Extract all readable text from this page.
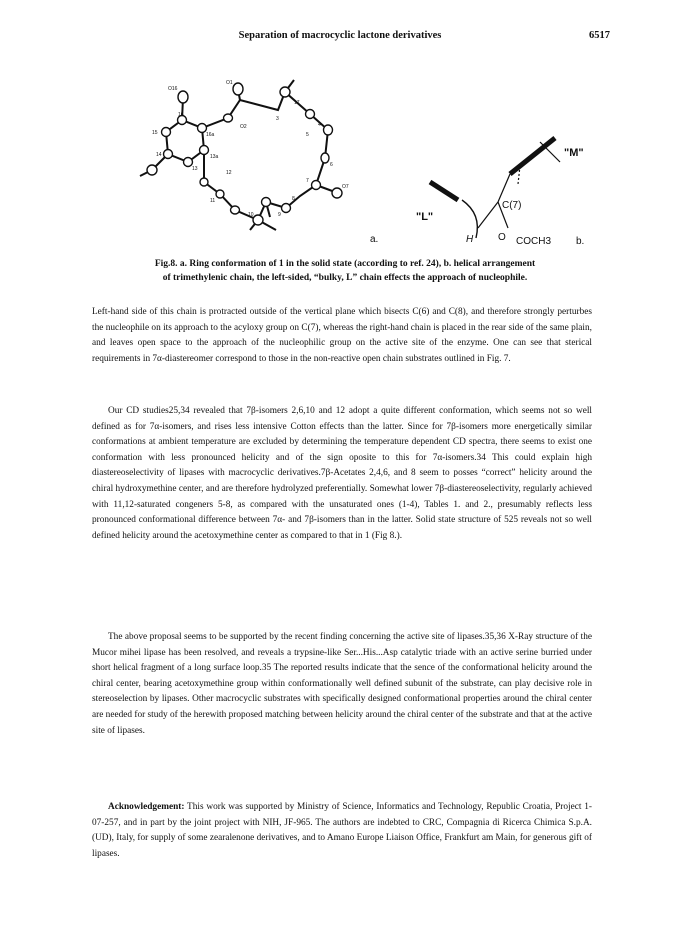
Separation of macrocyclic lactone derivatives	6517
O16
O1
O2
17
3
4
5
6
7
O7
8
9
10
11
12
13
13a
14
15
16
16a
a.
"M"
"L"
C(7)
H O COCH3 b.
Fig.8. a. Ring conformation of 1 in the solid state (according to ref. 24), b. helical arrangement
of trimethylenic chain, the left-sided, “bulky, L” chain effects the approach of nucleophile.

Left-hand side of this chain is protracted outside of the vertical plane which bisects C(6) and C(8), and therefore strongly perturbes the nucleophile on its approach to the acyloxy group on C(7), whereas the right-hand chain is placed in the rear side of the same plain, and leaves open space to the approach of the nucleophilic group on the active site of the enzyme. One can see that sterical requirements in 7α-diastereomer correspond to those in the non-reactive open chain substrates outlined in Fig. 7.

Our CD studies25,34 revealed that 7β-isomers 2,6,10 and 12 adopt a quite different conformation, which seems not so well defined as for 7α-isomers, and rises less intensive Cotton effects than the latter. Since for 7β-isomers more energetically similar conformations at ambient temperature are excluded by determining the temperature dependent CD spectra, there seems to exist one conformation with less pronounced helicity and of the sign oposite to this for 7α-isomers.34 This could explain high diastereoselectivity of lipases with macrocyclic derivatives.7β-Acetates 2,4,6, and 8 seem to posses “correct” helicity around the chiral hydroxymethine center, and are therefore hydrolyzed preferentially. Somewhat lower 7β-diastereoselectivity, regularly achieved with 11,12-saturated congeners 5-8, as compared with the unsaturated ones (1-4), Tables 1. and 2., presumably reflects less pronounced conformational difference between 7α- and 7β-isomers than in the latter. Solid state structure of 525 reveals not so well defined helicity around the acetoxymethine center as compared to that in 1 (Fig 8.).

The above proposal seems to be supported by the recent finding concerning the active site of lipases.35,36 X-Ray structure of the Mucor mihei lipase has been resolved, and reveals a trypsine-like Ser...His...Asp catalytic triade with an active serine burried under short helical fragment of a long surface loop.35 The reported results indicate that the sence of the conformational helicity around the chiral center, bearing acetoxymethine group within conformationally well defined subunit of the substrate, can play decisive role in stereoselection by lipases. Other macrocyclic substrates with specifically designed conformational properties around the chiral center are needed for study of the herewith proposed matching between helicity around the chiral center of the substrate and that at the active site of lipases.

Acknowledgement: This work was supported by Ministry of Science, Informatics and Technology, Republic Croatia, Project 1-07-257, and in part by the joint project with NIH, JF-965. The authors are indebted to CRC, Compagnia di Ricerca Chimica S.p.A. (UD), Italy, for supply of some zearalenone derivatives, and to Amano Europe Liaison Office, Frankfurt am Main, for generous gift of lipases.
